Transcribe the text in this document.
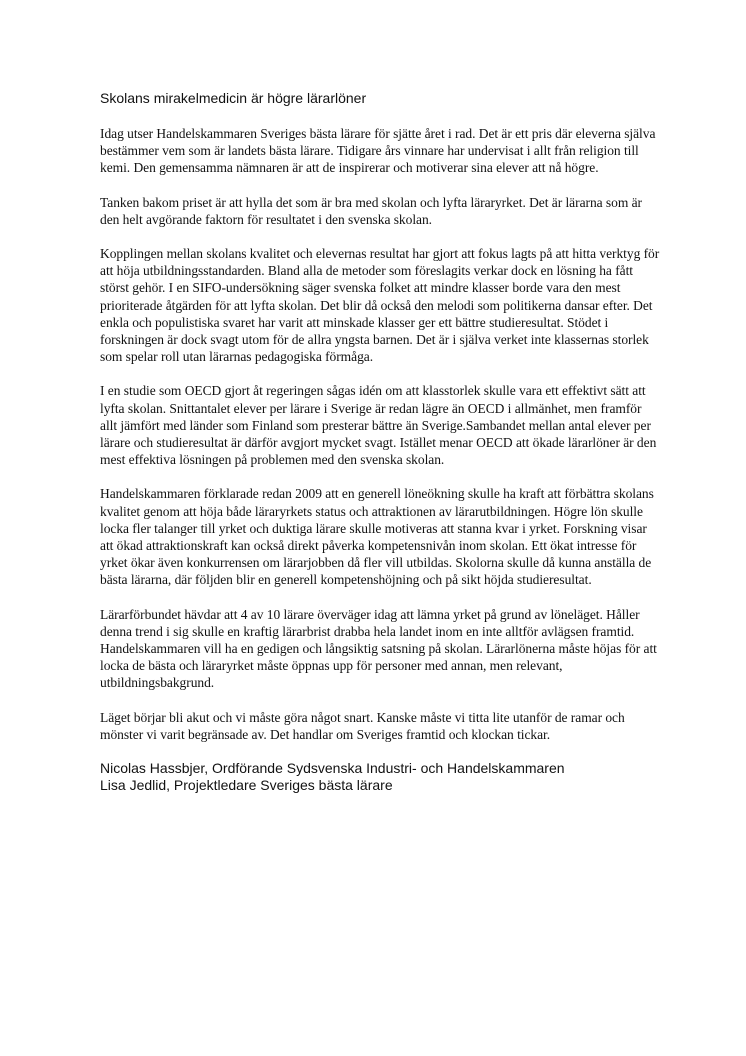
Skolans mirakelmedicin är högre lärarlöner

Idag utser Handelskammaren Sveriges bästa lärare för sjätte året i rad. Det är ett pris där eleverna själva bestämmer vem som är landets bästa lärare. Tidigare års vinnare har undervisat i allt från religion till kemi. Den gemensamma nämnaren är att de inspirerar och motiverar sina elever att nå högre.

Tanken bakom priset är att hylla det som är bra med skolan och lyfta läraryrket. Det är lärarna som är den helt avgörande faktorn för resultatet i den svenska skolan.

Kopplingen mellan skolans kvalitet och elevernas resultat har gjort att fokus lagts på att hitta verktyg för att höja utbildningsstandarden. Bland alla de metoder som föreslagits verkar dock en lösning ha fått störst gehör. I en SIFO-undersökning säger svenska folket att mindre klasser borde vara den mest prioriterade åtgärden för att lyfta skolan. Det blir då också den melodi som politikerna dansar efter. Det enkla och populistiska svaret har varit att minskade klasser ger ett bättre studieresultat. Stödet i forskningen är dock svagt utom för de allra yngsta barnen. Det är i själva verket inte klassernas storlek som spelar roll utan lärarnas pedagogiska förmåga.

I en studie som OECD gjort åt regeringen sågas idén om att klasstorlek skulle vara ett effektivt sätt att lyfta skolan. Snittantalet elever per lärare i Sverige är redan lägre än OECD i allmänhet, men framför allt jämfört med länder som Finland som presterar bättre än Sverige.Sambandet mellan antal elever per lärare och studieresultat är därför avgjort mycket svagt. Istället menar OECD att ökade lärarlöner är den mest effektiva lösningen på problemen med den svenska skolan.

Handelskammaren förklarade redan 2009 att en generell löneökning skulle ha kraft att förbättra skolans kvalitet genom att höja både läraryrkets status och attraktionen av lärarutbildningen. Högre lön skulle locka fler talanger till yrket och duktiga lärare skulle motiveras att stanna kvar i yrket. Forskning visar att ökad attraktionskraft kan också direkt påverka kompetensnivån inom skolan. Ett ökat intresse för yrket ökar även konkurrensen om lärarjobben då fler vill utbildas. Skolorna skulle då kunna anställa de bästa lärarna, där följden blir en generell kompetenshöjning och på sikt höjda studieresultat.

Lärarförbundet hävdar att 4 av 10 lärare överväger idag att lämna yrket på grund av löneläget. Håller denna trend i sig skulle en kraftig lärarbrist drabba hela landet inom en inte alltför avlägsen framtid. Handelskammaren vill ha en gedigen och långsiktig satsning på skolan. Lärarlönerna måste höjas för att locka de bästa och läraryrket måste öppnas upp för personer med annan, men relevant, utbildningsbakgrund.

Läget börjar bli akut och vi måste göra något snart. Kanske måste vi titta lite utanför de ramar och mönster vi varit begränsade av. Det handlar om Sveriges framtid och klockan tickar.

Nicolas Hassbjer, Ordförande Sydsvenska Industri- och Handelskammaren
Lisa Jedlid, Projektledare Sveriges bästa lärare
